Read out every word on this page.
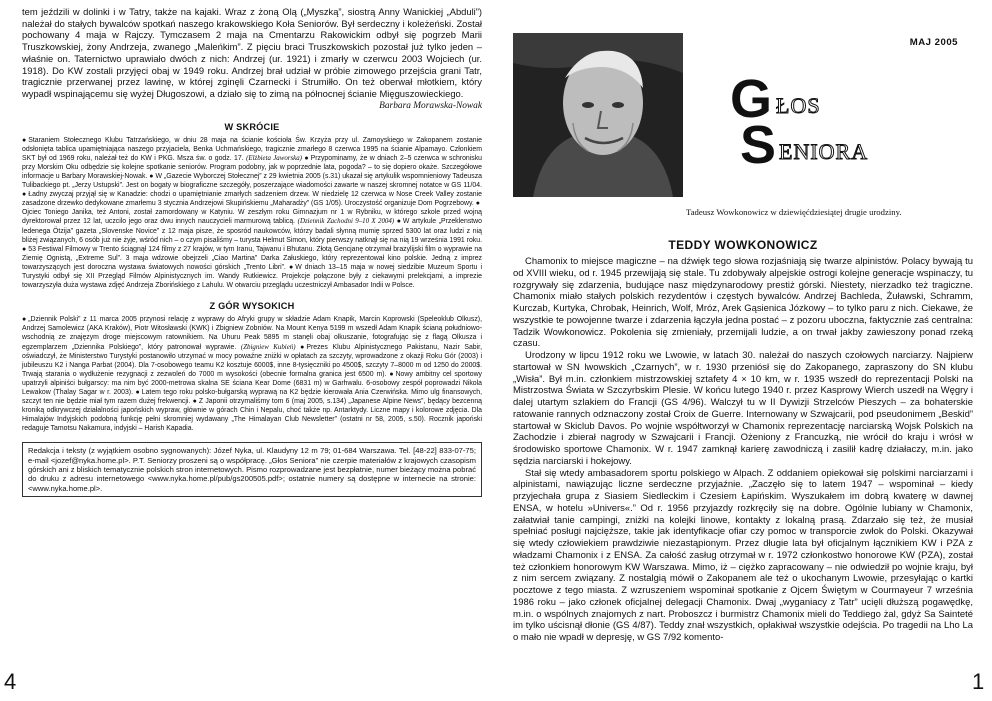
tem jeździli w dolinki i w Tatry, także na kajaki. Wraz z żoną Olą („Myszką”, siostrą Anny Wanickiej „Abduli”) należał do stałych bywalców spotkań naszego krakowskiego Koła Seniorów. Był serdeczny i koleżeński. Został pochowany 4 maja w Rajczy. Tymczasem 2 maja na Cmentarzu Rakowickim odbył się pogrzeb Marii Truszkowskiej, żony Andrzeja, zwanego „Maleńkim”. Z pięciu braci Truszkowskich pozostał już tylko jeden – właśnie on. Taternictwo uprawiało dwóch z nich: Andrzej (ur. 1921) i zmarły w czerwcu 2003 Wojciech (ur. 1918). Do KW zostali przyjęci obaj w 1949 roku. Andrzej brał udział w próbie zimowego przejścia grani Tatr, tragicznie przerwanej przez lawinę, w której zginęli Czarnecki i Strumiłło. On też oberwał młotkiem, który wypadł wspinającemu się wyżej Długoszowi, a działo się to zimą na północnej ścianie Mięguszowieckiego.

Barbara Morawska-Nowak
W SKRÓCIE
● Staraniem Stołecznego Klubu Tatrzańskiego, w dniu 28 maja na ścianie kościoła Św. Krzyża przy ul. Zamoyskiego w Zakopanem zostanie odsłonięta tablica upamiętniająca naszego przyjaciela, Benka Uchmańskiego, tragicznie zmarłego 8 czerwca 1995 na ścianie Alpamayo. Członkiem SKT był od 1969 roku, należał też do KW i PKG. Msza św. o godz. 17. (Elżbieta Jaworska) ● Przypominamy, że w dniach 2–5 czerwca w schronisku przy Morskim Oku odbędzie się kolejne spotkanie seniorów. Program podobny, jak w poprzednie lata, pogoda? – to się dopiero okaże. Szczegółowe informacje u Barbary Morawskiej-Nowak. ● W „Gazecie Wyborczej Stołecznej” z 29 kwietnia 2005 (s.31) ukazał się artykulik wspomnieniowy Tadeusza Tulibackiego pt. „Jerzy Ustupski”. Jest on bogaty w biograficzne szczegóły, poszerzające wiadomości zawarte w naszej skromnej notatce w GS 11/04. ● Ładny zwyczaj przyjął się w Kanadzie: chodzi o upamiętnianie zmarłych sadzeniem drzew. W niedzielę 12 czerwca w Nose Creek Valley zostanie zasadzone drzewko dedykowane zmarłemu 3 stycznia Andrzejowi Skupińskiemu „Maharadży” (GS 1/05). Uroczystość organizuje Dom Pogrzebowy. ●Ojciec Toniego Janika, też Antoni, został zamordowany w Katyniu. W zeszłym roku Gimnazjum nr 1 w Rybniku, w którego szkole przed wojną dyrektorował przez 12 lat, uczcilo jego oraz dwu innych nauczycieli marmurową tablicą. (Dziennik Zachodni 9–10 X 2004) ● W artykule „Przeklenstwo ledenega Ötzija” gazeta „Slovenske Novice” z 12 maja pisze, że sposród naukowców, którzy badali słynną mumię sprzed 5300 lat oraz ludzi z nią bliżej związanych, 6 osób już nie żyje, wśród nich – o czym pisaliśmy – turysta Helmut Simon, który pierwszy natknął się na nią 19 września 1991 roku. ● 53 Festiwal Filmowy w Trento ściągnął 124 filmy z 27 krajów, w tym Iranu, Tajwanu i Bhutanu. Złotą Gencjanę otrzymał brazylijski film o wyprawie na Ziemię Ognistą, „Extreme Sul”. 3 maja wdzowie obejrzeli „Ciao Martina” Darka Załuskiego, który reprezentował kino polskie. Jedną z imprez towarzyszących jest doroczna wystawa światowych nowości górskich „Trento Libri”. ● W dniach 13–15 maja w nowej siedzibie Muzeum Sportu i Turystyki odbył się XII Przegląd Filmów Alpinistycznych im. Wandy Rutkiewicz. Projekcje połączone były z ciekawymi prelekcjami, a imprezie towarzyszyła duża wystawa zdjęć Andrzeja Zborińskiego z Lahulu. W otwarciu przeglądu uczestniczył Ambasador Indii w Polsce.
Z GÓR WYSOKICH
● „Dziennik Polski” z 11 marca 2005 przynosi relację z wyprawy do Afryki grupy w składzie Adam Knapik, Marcin Koprowski (Speleoklub Olkusz), Andrzej Samolewicz (AKA Kraków), Piotr Witosławski (KWK) i Zbigniew Zobniów. Na Mount Kenya 5199 m wszedł Adam Knapik ścianą południowo-wschodnią ze znajęzym droge miejscowym ratownikiem. Na Uhuru Peak 5895 m stanęli obaj olkuszanie, fotografując się z flagą Olkusza i egzemplarzem „Dziennika Polskiego”, który patronował wyprawie. (Zbigniew Kubień) ● Prezes Klubu Alpinistycznego Pakistanu, Nazir Sabir, oświadczył, że Ministerstwo Turystyki postanowiło utrzymać w mocy powaźne zniżki w opłatach za szczyty, wprowadzone z okazji Roku Gór (2003) i jubileuszu K2 i Nanga Parbat (2004). Dla 7-osobowego teamu K2 kosztuje 6000$, inne 8-tysięczniki po 4500$, szczyty 7–8000 m od 1250 do 2000$. Trwają starania o wydłużenie rezygnacji z zezwoleń do 7000 m wysokości (obecnie formalna granica jest 6500 m). ● Nowy ambitny cel sportowy upatrzyli alpiniści bułgarscy: ma nim być 2000-metrowa skalna SE ściana Kear Dome (6831 m) w Garhwalu. 6-osobowy zespół poprowadzi Nikola Lewakow (Thalay Sagar w r. 2003). ● Latem tego roku polsko-bułgarską wyprawą na K2 będzie kierowała Ania Czerwińska. Mimo ulg finansowych, szczyt ten nie będzie miał tym razem dużej frekwencji. ● Z Japonii otrzymaliśmy tom 6 (maj 2005, s.134) „Japanese Alpine News”, będący bezcenną kroniką odkrywczej działalności japońskich wypraw, głównie w górach Chin i Nepalu, choć także np. Antarktydy. Liczne mapy i kolorowe zdjęcia. Dla Himalajów Indyjskich podobną funkcję pełni skromniej wydawany „The Himalayan Club Newsletter” (ostatni nr 58, 2005, s.50). Rocznik japoński redaguje Tamotsu Nakamura, indyjski – Harish Kapadia.
Redakcja i teksty (z wyjątkiem osobno sygnowanych): Józef Nyka, ul. Klaudyny 12 m 79; 01-684 Warszawa. Tel. [48-22] 833-07-75; e-mail <jozef@nyka.home.pl>. P.T. Seniorzy proszeni są o współpracę. „Głos Seniora” nie czerpie materiałów z krajowych czasopism górskich ani z bliskich tematycznie polskich stron internetowych. Pismo rozprowadzane jest bezpłatnie, numer bieżący można pobrać do druku z adresu internetowego <www.nyka.home.pl/pub/gs200505.pdf>; ostatnie numery są dostępne w internecie na stronie: <www.nyka.home.pl>.
4
Tadeusz Wowkonowicz w dziewięćdziesiątej drugie urodziny.
MAJ 2005
G ŁOS
S ENIORA
TEDDY WOWKONOWICZ

Chamonix to miejsce magiczne – na dźwięk tego słowa rozjaśniają się twarze alpinistów. Polacy bywają tu od XVIII wieku, od r. 1945 przewijają się stale. Tu zdobywały alpejskie ostrogi kolejne generacje wspinaczy, tu rozgrywały się zdarzenia, budujące nasz międzynarodowy prestiż górski. Niestety, nierzadko też tragiczne. Chamonix miało stałych polskich rezydentów i częstych bywalców. Andrzej Bachleda, Żuławski, Schramm, Kurczab, Kurtyka, Chrobak, Heinrich, Wolf, Mróz, Arek Gąsienica Józkowy – to tylko paru z nich. Ciekawe, że wszystkie te powojenne twarze i zdarzenia łączyła jedna postać – z pozoru uboczna, faktycznie zaś centralna: Tadzik Wowkonowicz. Pokolenia się zmieniały, przemijali ludzie, a on trwał jakby zawieszony ponad rzeką czasu.

Urodzony w lipcu 1912 roku we Lwowie, w latach 30. należał do naszych czołowych narciarzy. Najpierw startował w SN lwowskich „Czarnych”, w r. 1930 przeniósł się do Zakopanego, zapraszony do SN klubu „Wisła”. Był m.in. członkiem mistrzowskiej sztafety 4 × 10 km, w r. 1935 wszedł do reprezentacji Polski na Mistrzostwa Świata w Szczyrbskim Plesie. W końcu lutego 1940 r. przez Kasprowy Wierch uszedł na Węgry i dalej utartym szlakiem do Francji (GS 4/96). Walczył tu w II Dywizji Strzelców Pieszych – za bohaterskie ratowanie rannych odznaczony został Croix de Guerre. Internowany w Szwajcarii, pod pseudonimem „Beskid” startował w Skiclub Davos. Po wojnie współtworzył w Chamonix reprezentację narciarską Wojsk Polskich na Zachodzie i zbierał nagrody w Szwajcarii i Francji. Ożeniony z Francuzką, nie wrócił do kraju i wrósł w środowisko sportowe Chamonix. W r. 1947 zamknął karierę zawodniczą i zasilił kadrę działaczy, m.in. jako sędzia narciarski i hokejowy.

Stał się wtedy ambasadorem sportu polskiego w Alpach. Z oddaniem opiekował się polskimi narciarzami i alpinistami, nawiązując liczne serdeczne przyjaźnie. „Zaczęło się to latem 1947 – wspominał – kiedy przyjechała grupa z Siasiem Siedleckim i Czesiem Łapińskim. Wyszukałem im dobrą kwaterę w dawnej ENSA, w hotelu »Univers«.” Od r. 1956 przyjazdy rozkręciły się na dobre. Ogólnie lubiany w Chamonix, załatwiał tanie campingi, zniżki na kolejki linowe, kontakty z lokalną prasą. Zdarzało się też, że musiał spełniać posługi najcięższe, takie jak identyfikacje ofiar czy pomoc w transporcie zwłok do Polski. Okazywał się wtedy człowiekiem prawdziwie niezastąpionym. Przez długie lata był oficjalnym łącznikiem KW i PZA z władzami Chamonix i z ENSA. Za całość zasług otrzymał w r. 1972 członkostwo honorowe KW (PZA), został też członkiem honorowym KW Warszawa. Mimo, iż – ciężko zapracowany – nie odwiedził po wojnie kraju, był z nim sercem związany. Z nostalgią mówił o Zakopanem ale też o ukochanym Lwowie, przesyłając o kartki pocztowe z tego miasta. Z wzruszeniem wspominał spotkanie z Ojcem Świętym w Courmayeur 7 września 1986 roku – jako członek oficjalnej delegacji Chamonix. Dwaj „wyganiacy z Tatr” ucięli dłuższą pogawędkę, m.in. o wspólnych znajomych z nart. Proboszcz i burmistrz Chamonix mieli do Teddiego żal, gdyż Sa Sainteté im tylko uścisnął dłonie (GS 4/87). Teddy znał wszystkich, opłakiwał wszystkie odejścia. Po tragedii na Lho La o mało nie wpadł w depresję, w GS 7/92 komento-

1
